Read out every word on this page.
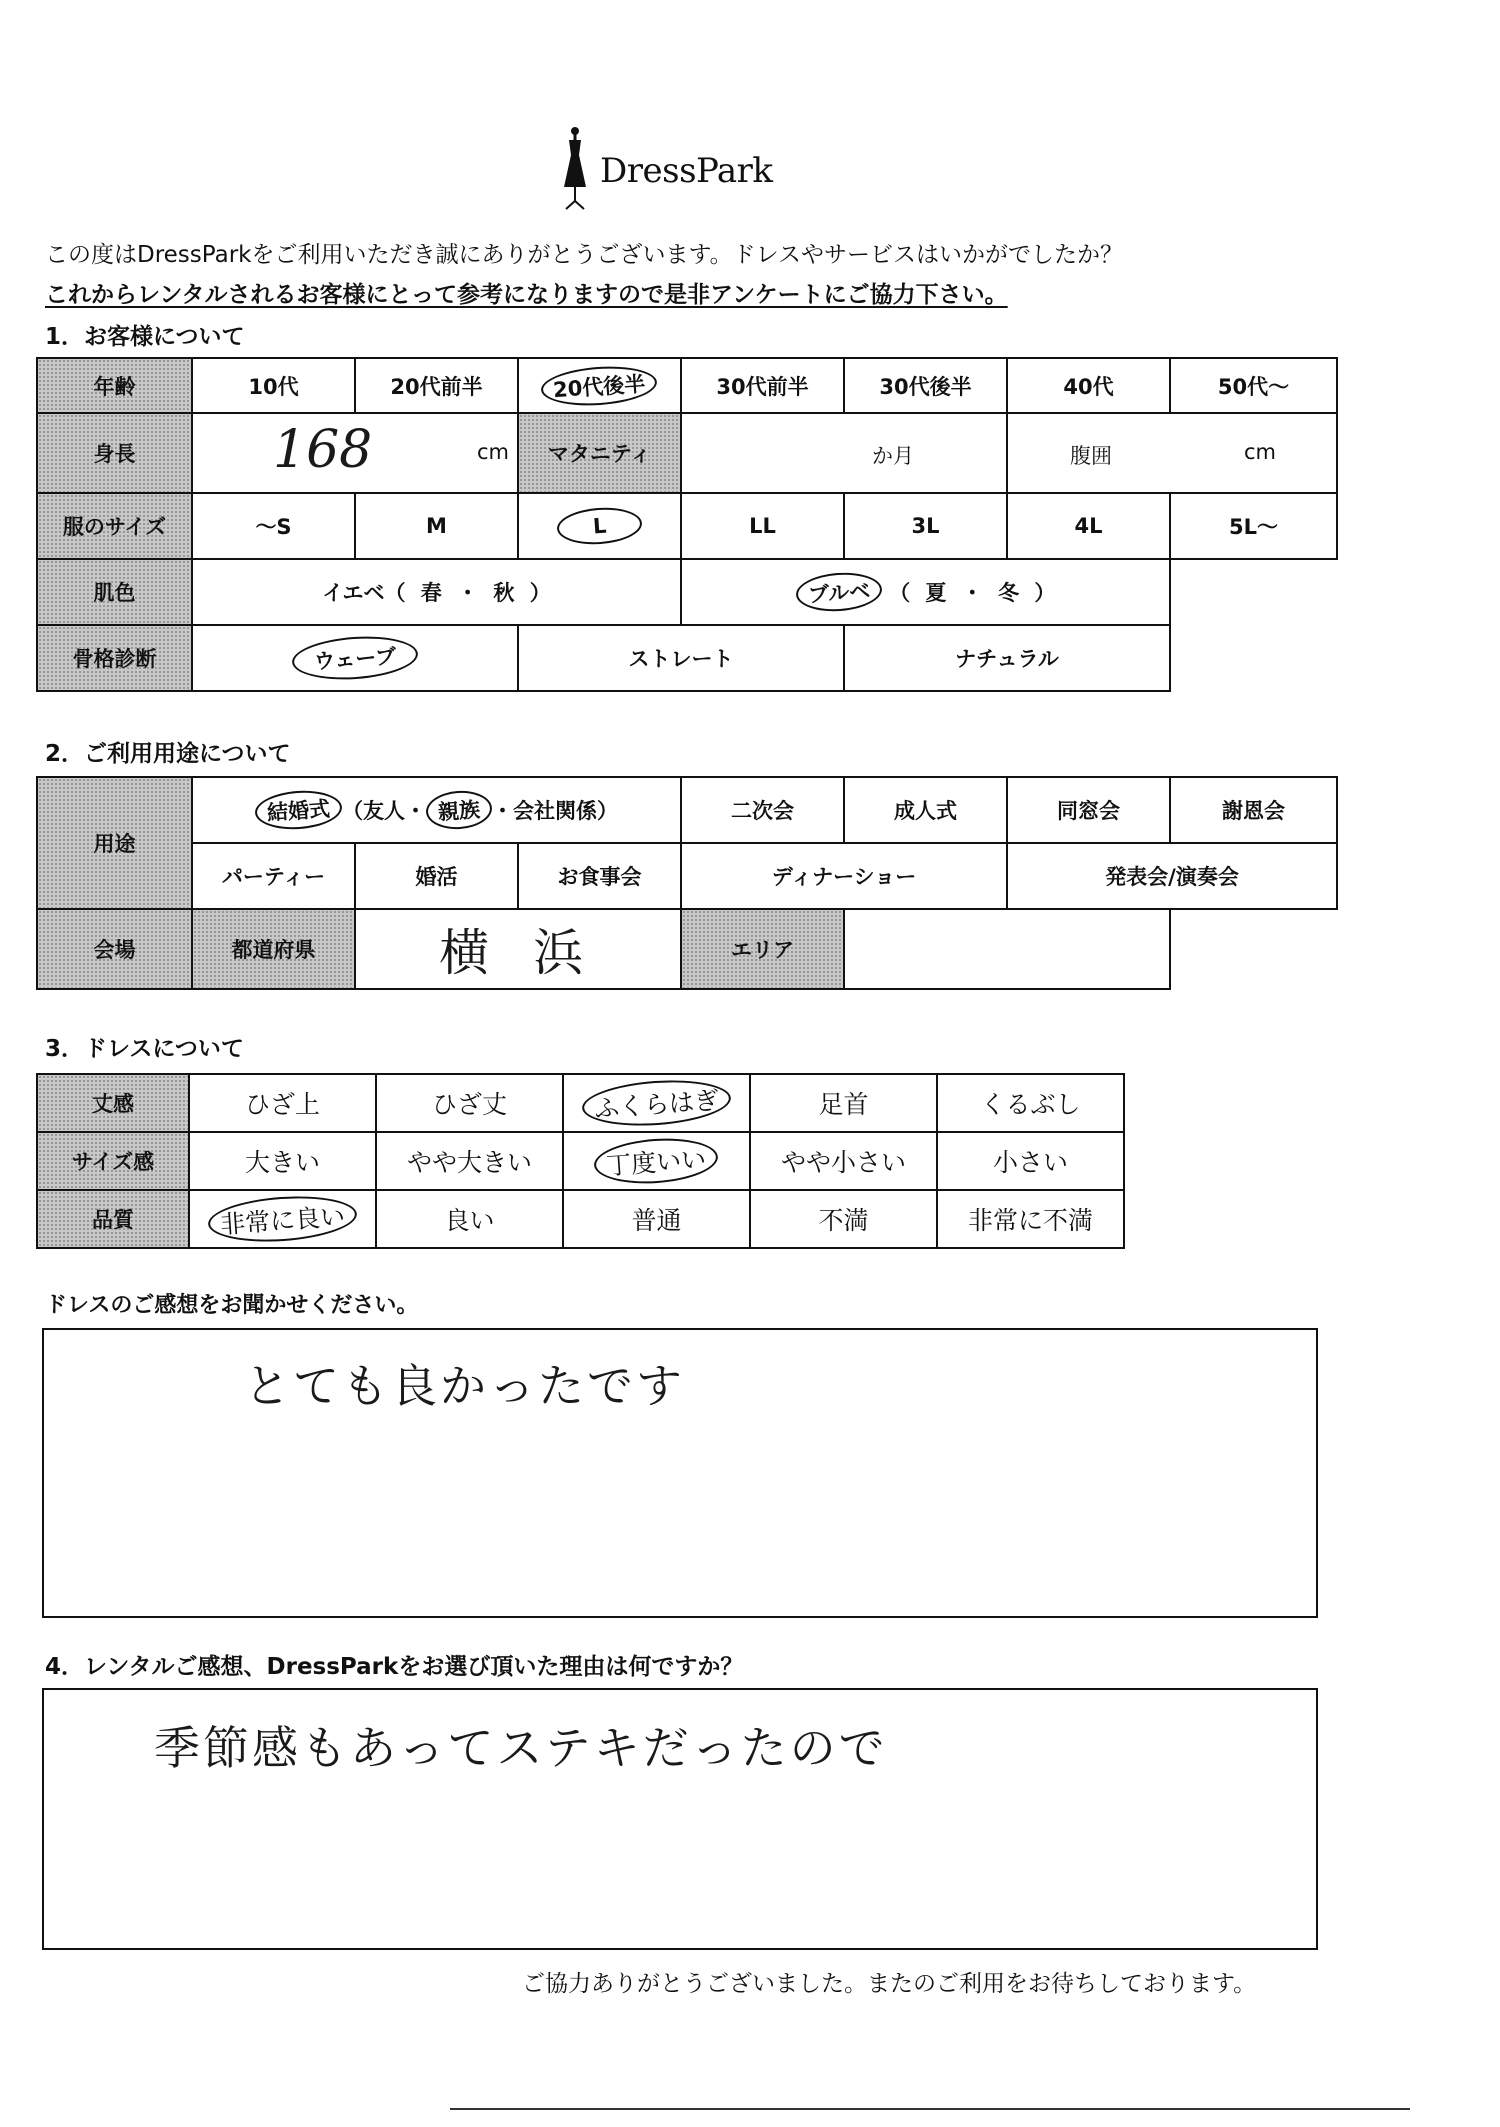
DressPark
この度はDressParkをご利用いただき誠にありがとうございます。ドレスやサービスはいかがでしたか？
これからレンタルされるお客様にとって参考になりますので是非アンケートにご協力下さい。
1．お客様について
年齢	10代	20代前半	20代後半	30代前半	30代後半	40代	50代～
身長	168 cm		マタニティ	か月		腹囲 cm	

服のサイズ	～S	M	L	LL	3L	4L	5L～
肌色	イエベ（ 春 ・ 秋 ）			ブルベ （ 夏 ・ 冬 ）			
骨格診断	ウェーブ		ストレート		ナチュラル		
2．ご利用用途について
用途	結婚式 （友人・ 親族 ・会社関係）			二次会	成人式	同窓会	謝恩会
	パーティー	婚活	お食事会	ディナーショー		発表会/演奏会	
会場	都道府県	横 浜		エリア			
3．ドレスについて
丈感	ひざ上	ひざ丈	ふくらはぎ	足首	くるぶし
サイズ感	大きい	やや大きい	丁度いい	やや小さい	小さい
品質	非常に良い	良い	普通	不満	非常に不満
ドレスのご感想をお聞かせください。
とても良かったです
4．レンタルご感想、DressParkをお選び頂いた理由は何ですか？
季節感もあってステキだったので
ご協力ありがとうございました。またのご利用をお待ちしております。
